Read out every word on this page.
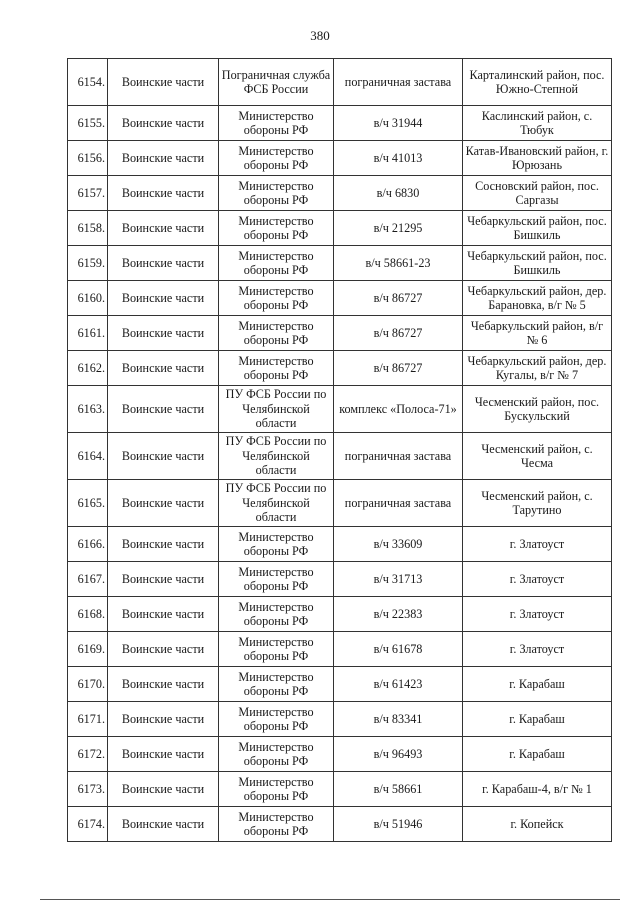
380
6154.	Воинские части	Пограничная служба ФСБ России	пограничная застава	Карталинский район, пос. Южно-Степной
6155.	Воинские части	Министерство обороны РФ	в/ч 31944	Каслинский район, с. Тюбук
6156.	Воинские части	Министерство обороны РФ	в/ч 41013	Катав-Ивановский район, г. Юрюзань
6157.	Воинские части	Министерство обороны РФ	в/ч 6830	Сосновский район, пос. Саргазы
6158.	Воинские части	Министерство обороны РФ	в/ч 21295	Чебаркульский район, пос. Бишкиль
6159.	Воинские части	Министерство обороны РФ	в/ч 58661-23	Чебаркульский район, пос. Бишкиль
6160.	Воинские части	Министерство обороны РФ	в/ч 86727	Чебаркульский район, дер. Барановка, в/г № 5
6161.	Воинские части	Министерство обороны РФ	в/ч 86727	Чебаркульский район, в/г № 6
6162.	Воинские части	Министерство обороны РФ	в/ч 86727	Чебаркульский район, дер. Кугалы, в/г № 7
6163.	Воинские части	ПУ ФСБ России по Челябинской области	комплекс «Полоса-71»	Чесменский район, пос. Бускульский
6164.	Воинские части	ПУ ФСБ России по Челябинской области	пограничная застава	Чесменский район, с. Чесма
6165.	Воинские части	ПУ ФСБ России по Челябинской области	пограничная застава	Чесменский район, с. Тарутино
6166.	Воинские части	Министерство обороны РФ	в/ч 33609	г. Златоуст
6167.	Воинские части	Министерство обороны РФ	в/ч 31713	г. Златоуст
6168.	Воинские части	Министерство обороны РФ	в/ч 22383	г. Златоуст
6169.	Воинские части	Министерство обороны РФ	в/ч 61678	г. Златоуст
6170.	Воинские части	Министерство обороны РФ	в/ч 61423	г. Карабаш
6171.	Воинские части	Министерство обороны РФ	в/ч 83341	г. Карабаш
6172.	Воинские части	Министерство обороны РФ	в/ч 96493	г. Карабаш
6173.	Воинские части	Министерство обороны РФ	в/ч 58661	г. Карабаш-4, в/г № 1
6174.	Воинские части	Министерство обороны РФ	в/ч 51946	г. Копейск
